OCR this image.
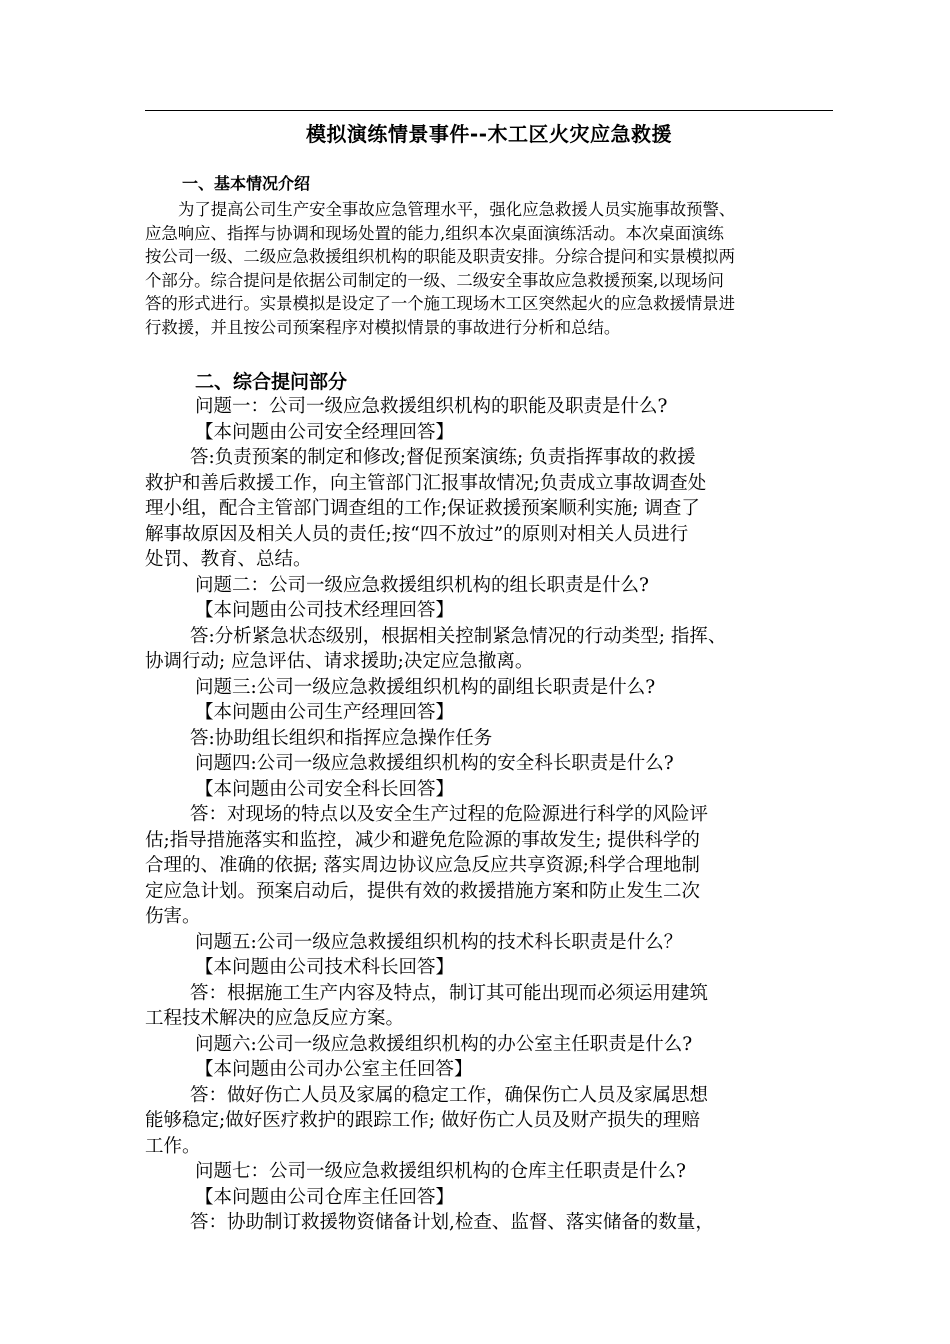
模拟演练情景事件--木工区火灾应急救援
一、基本情况介绍
为了提高公司生产安全事故应急管理水平，强化应急救援人员实施事故预警、
应急响应、指挥与协调和现场处置的能力,组织本次桌面演练活动。本次桌面演练
按公司一级、二级应急救援组织机构的职能及职责安排。分综合提问和实景模拟两
个部分。综合提问是依据公司制定的一级、二级安全事故应急救援预案,以现场问
答的形式进行。实景模拟是设定了一个施工现场木工区突然起火的应急救援情景进
行救援，并且按公司预案程序对模拟情景的事故进行分析和总结。
二、综合提问部分
问题一：公司一级应急救援组织机构的职能及职责是什么?
【本问题由公司安全经理回答】
答:负责预案的制定和修改;督促预案演练; 负责指挥事故的救援
救护和善后救援工作，向主管部门汇报事故情况;负责成立事故调查处
理小组，配合主管部门调查组的工作;保证救援预案顺利实施; 调查了
解事故原因及相关人员的责任;按“四不放过”的原则对相关人员进行
处罚、教育、总结。
问题二：公司一级应急救援组织机构的组长职责是什么?
【本问题由公司技术经理回答】
答:分析紧急状态级别，根据相关控制紧急情况的行动类型; 指挥、
协调行动; 应急评估、请求援助;决定应急撤离。
问题三:公司一级应急救援组织机构的副组长职责是什么?
【本问题由公司生产经理回答】
答:协助组长组织和指挥应急操作任务
问题四:公司一级应急救援组织机构的安全科长职责是什么?
【本问题由公司安全科长回答】
答：对现场的特点以及安全生产过程的危险源进行科学的风险评
估;指导措施落实和监控，减少和避免危险源的事故发生; 提供科学的
合理的、准确的依据; 落实周边协议应急反应共享资源;科学合理地制
定应急计划。预案启动后，提供有效的救援措施方案和防止发生二次
伤害。
问题五:公司一级应急救援组织机构的技术科长职责是什么？
【本问题由公司技术科长回答】
答：根据施工生产内容及特点，制订其可能出现而必须运用建筑
工程技术解决的应急反应方案。
问题六:公司一级应急救援组织机构的办公室主任职责是什么?
【本问题由公司办公室主任回答】
答：做好伤亡人员及家属的稳定工作，确保伤亡人员及家属思想
能够稳定;做好医疗救护的跟踪工作; 做好伤亡人员及财产损失的理赔
工作。
问题七：公司一级应急救援组织机构的仓库主任职责是什么?
【本问题由公司仓库主任回答】
答：协助制订救援物资储备计划,检查、监督、落实储备的数量，
